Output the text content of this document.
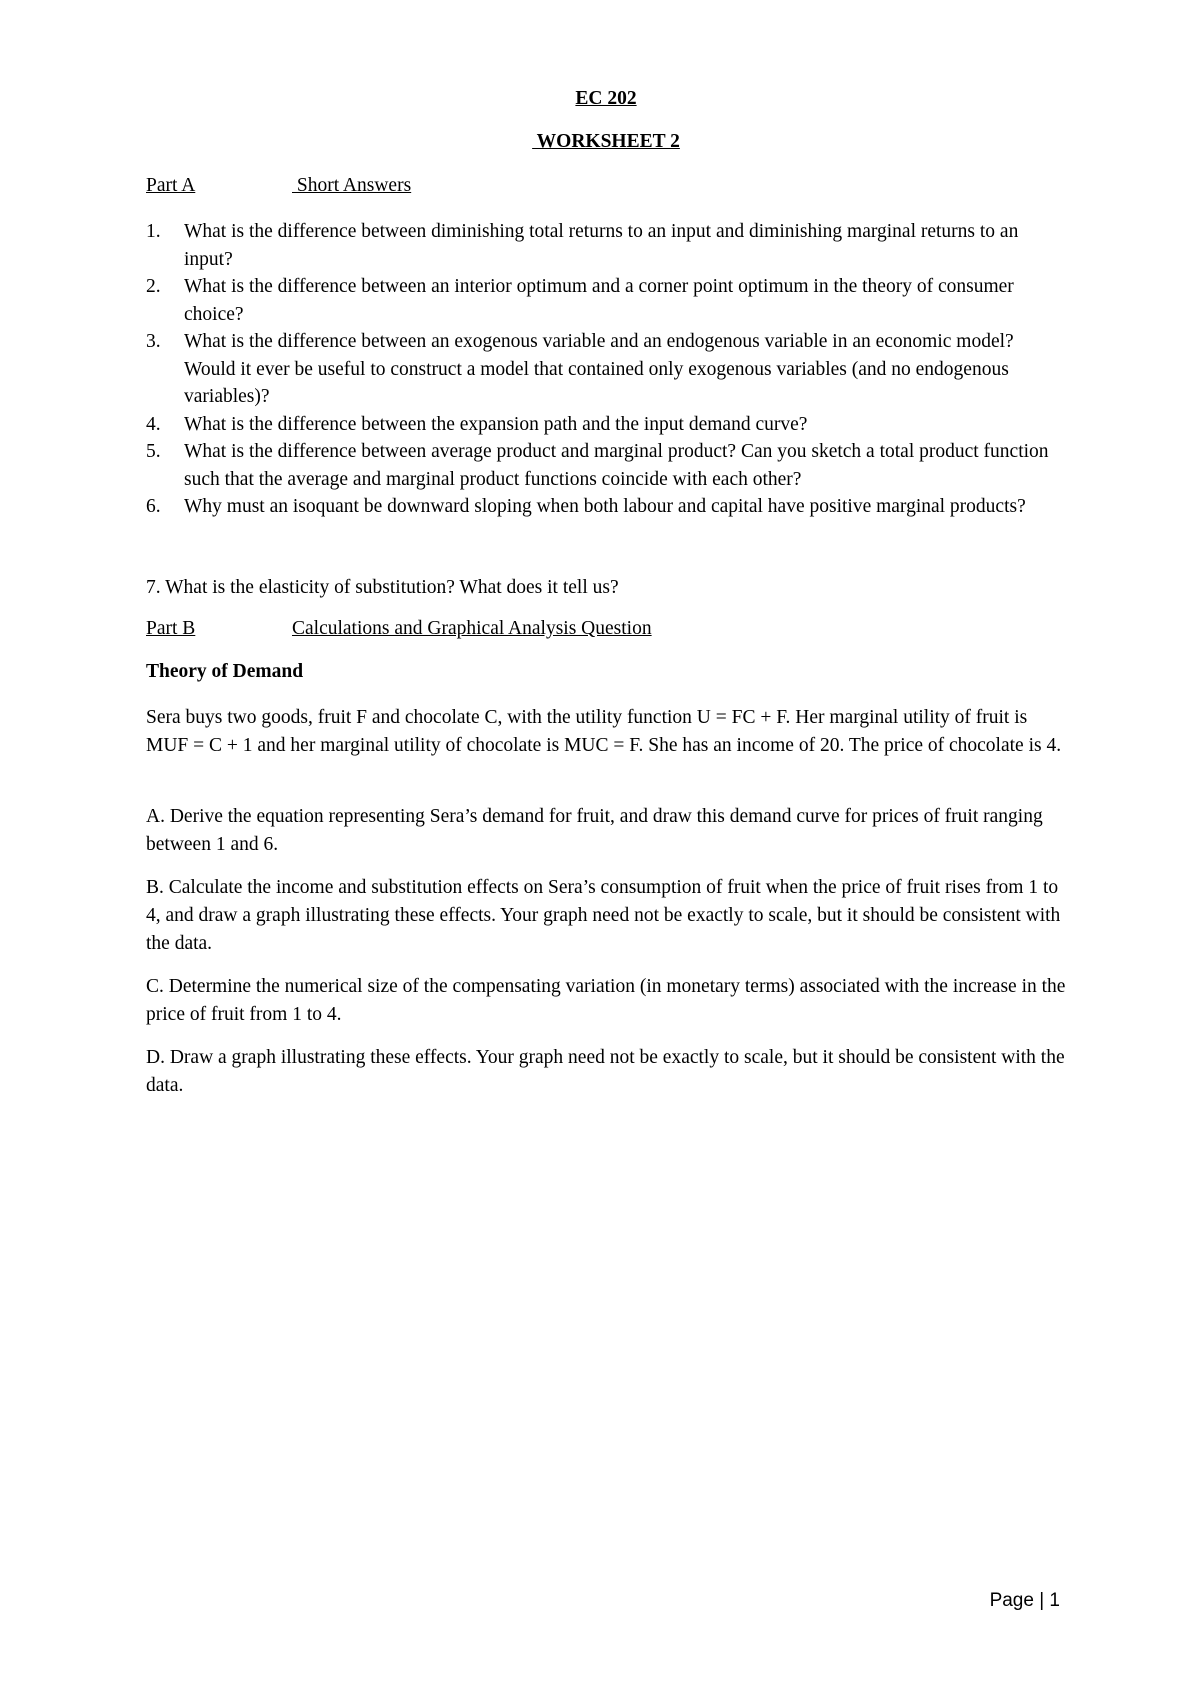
EC 202
WORKSHEET 2
Part A	Short Answers
1. What is the difference between diminishing total returns to an input and diminishing marginal returns to an input?
2. What is the difference between an interior optimum and a corner point optimum in the theory of consumer choice?
3. What is the difference between an exogenous variable and an endogenous variable in an economic model? Would it ever be useful to construct a model that contained only exogenous variables (and no endogenous variables)?
4. What is the difference between the expansion path and the input demand curve?
5. What is the difference between average product and marginal product? Can you sketch a total product function such that the average and marginal product functions coincide with each other?
6. Why must an isoquant be downward sloping when both labour and capital have positive marginal products?
7. What is the elasticity of substitution? What does it tell us?
Part B	Calculations and Graphical Analysis Question
Theory of Demand
Sera buys two goods, fruit F and chocolate C, with the utility function U = FC + F. Her marginal utility of fruit is MUF = C + 1 and her marginal utility of chocolate is MUC = F. She has an income of 20. The price of chocolate is 4.
A. Derive the equation representing Sera’s demand for fruit, and draw this demand curve for prices of fruit ranging between 1 and 6.
B. Calculate the income and substitution effects on Sera’s consumption of fruit when the price of fruit rises from 1 to 4, and draw a graph illustrating these effects. Your graph need not be exactly to scale, but it should be consistent with the data.
C. Determine the numerical size of the compensating variation (in monetary terms) associated with the increase in the price of fruit from 1 to 4.
D. Draw a graph illustrating these effects. Your graph need not be exactly to scale, but it should be consistent with the data.
Page | 1
